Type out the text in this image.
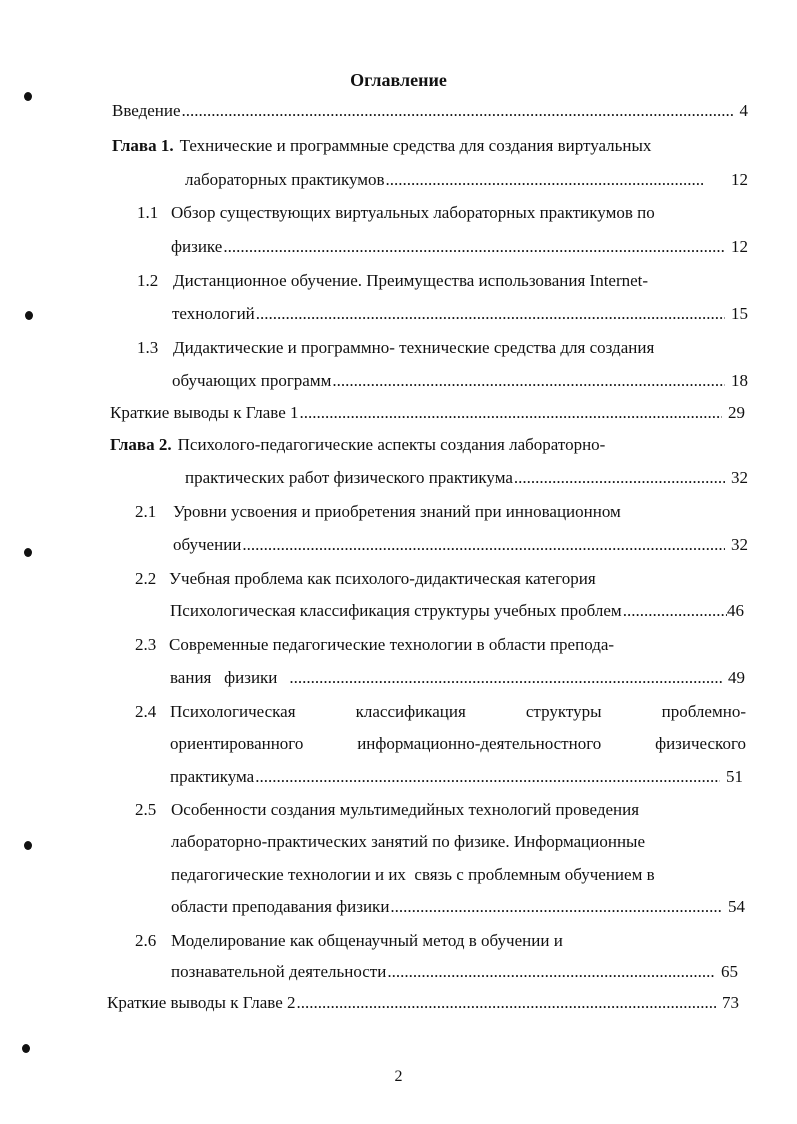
Оглавление
Введение .....	4
Глава 1. Технические и программные средства для создания виртуальных
лабораторных практикумов .....	12
1.1 Обзор существующих виртуальных лабораторных практикумов по
физике .....	12
1.2 Дистанционное обучение. Преимущества использования Internet-
технологий .....	15
1.3 Дидактические и программно- технические средства для создания
обучающих программ .....	18
Краткие выводы к Главе 1 .....	29
Глава 2. Психолого-педагогические аспекты создания лабораторно-
практических работ физического практикума .....	32
2.1 Уровни усвоения и приобретения знаний при инновационном
обучении .....	32
2.2 Учебная проблема как психолого-дидактическая категория
Психологическая классификация структуры учебных проблем .....	46
2.3 Современные педагогические технологии в области препода-
вания   физики .....	49
2.4 Психологическая	классификация	структуры	проблемно-
ориентированного	информационно-деятельностного	физического
практикума .....	51
2.5 Особенности создания мультимедийных технологий проведения
лабораторно-практических занятий по физике. Информационные
педагогические технологии и их  связь с проблемным обучением в
области преподавания физики .....	54
2.6 Моделирование как общенаучный метод в обучении и
познавательной деятельности .....	65
Краткие выводы к Главе 2 .....	73
2
